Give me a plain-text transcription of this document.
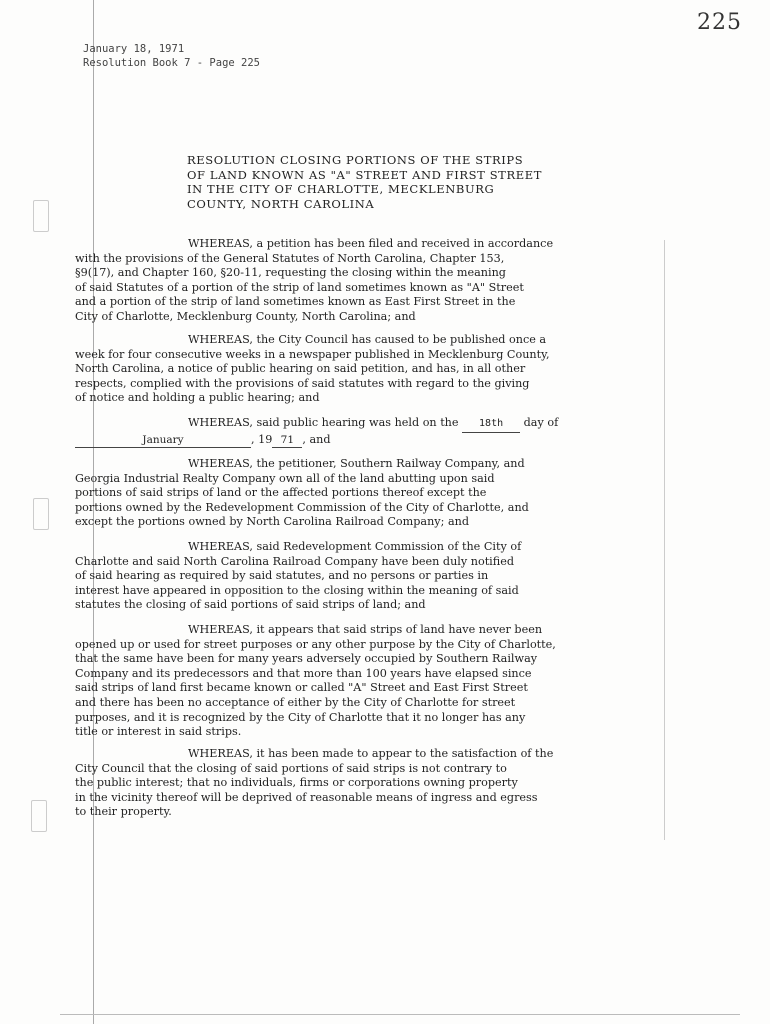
225
January 18, 1971
Resolution Book 7 - Page 225
RESOLUTION CLOSING PORTIONS OF THE STRIPS
OF LAND KNOWN AS "A" STREET AND FIRST STREET
IN THE CITY OF CHARLOTTE, MECKLENBURG
COUNTY, NORTH CAROLINA
WHEREAS, a petition has been filed and received in accordance
with the provisions of the General Statutes of North Carolina, Chapter 153,
§9(17), and Chapter 160, §20-11, requesting the closing within the meaning
of said Statutes of a portion of the strip of land sometimes known as "A" Street
and a portion of the strip of land sometimes known as East First Street in the
City of Charlotte, Mecklenburg County, North Carolina; and
WHEREAS, the City Council has caused to be published once a
week for four consecutive weeks in a newspaper published in Mecklenburg County,
North Carolina, a notice of public hearing on said petition, and has, in all other
respects, complied with the provisions of said statutes with regard to the giving
of notice and holding a public hearing; and
WHEREAS, said public hearing was held on the 18th day of
January	, 19 71 , and
WHEREAS, the petitioner, Southern Railway Company, and
Georgia Industrial Realty Company own all of the land abutting upon said
portions of said strips of land or the affected portions thereof except the
portions owned by the Redevelopment Commission of the City of Charlotte, and
except the portions owned by North Carolina Railroad Company; and
WHEREAS, said Redevelopment Commission of the City of
Charlotte and said North Carolina Railroad Company have been duly notified
of said hearing as required by said statutes, and no persons or parties in
interest have appeared in opposition to the closing within the meaning of said
statutes the closing of said portions of said strips of land; and
WHEREAS, it appears that said strips of land have never been
opened up or used for street purposes or any other purpose by the City of Charlotte,
that the same have been for many years adversely occupied by Southern Railway
Company and its predecessors and that more than 100 years have elapsed since
said strips of land first became known or called "A" Street and East First Street
and there has been no acceptance of either by the City of Charlotte for street
purposes, and it is recognized by the City of Charlotte that it no longer has any
title or interest in said strips.
WHEREAS, it has been made to appear to the satisfaction of the
City Council that the closing of said portions of said strips is not contrary to
the public interest; that no individuals, firms or corporations owning property
in the vicinity thereof will be deprived of reasonable means of ingress and egress
to their property.
